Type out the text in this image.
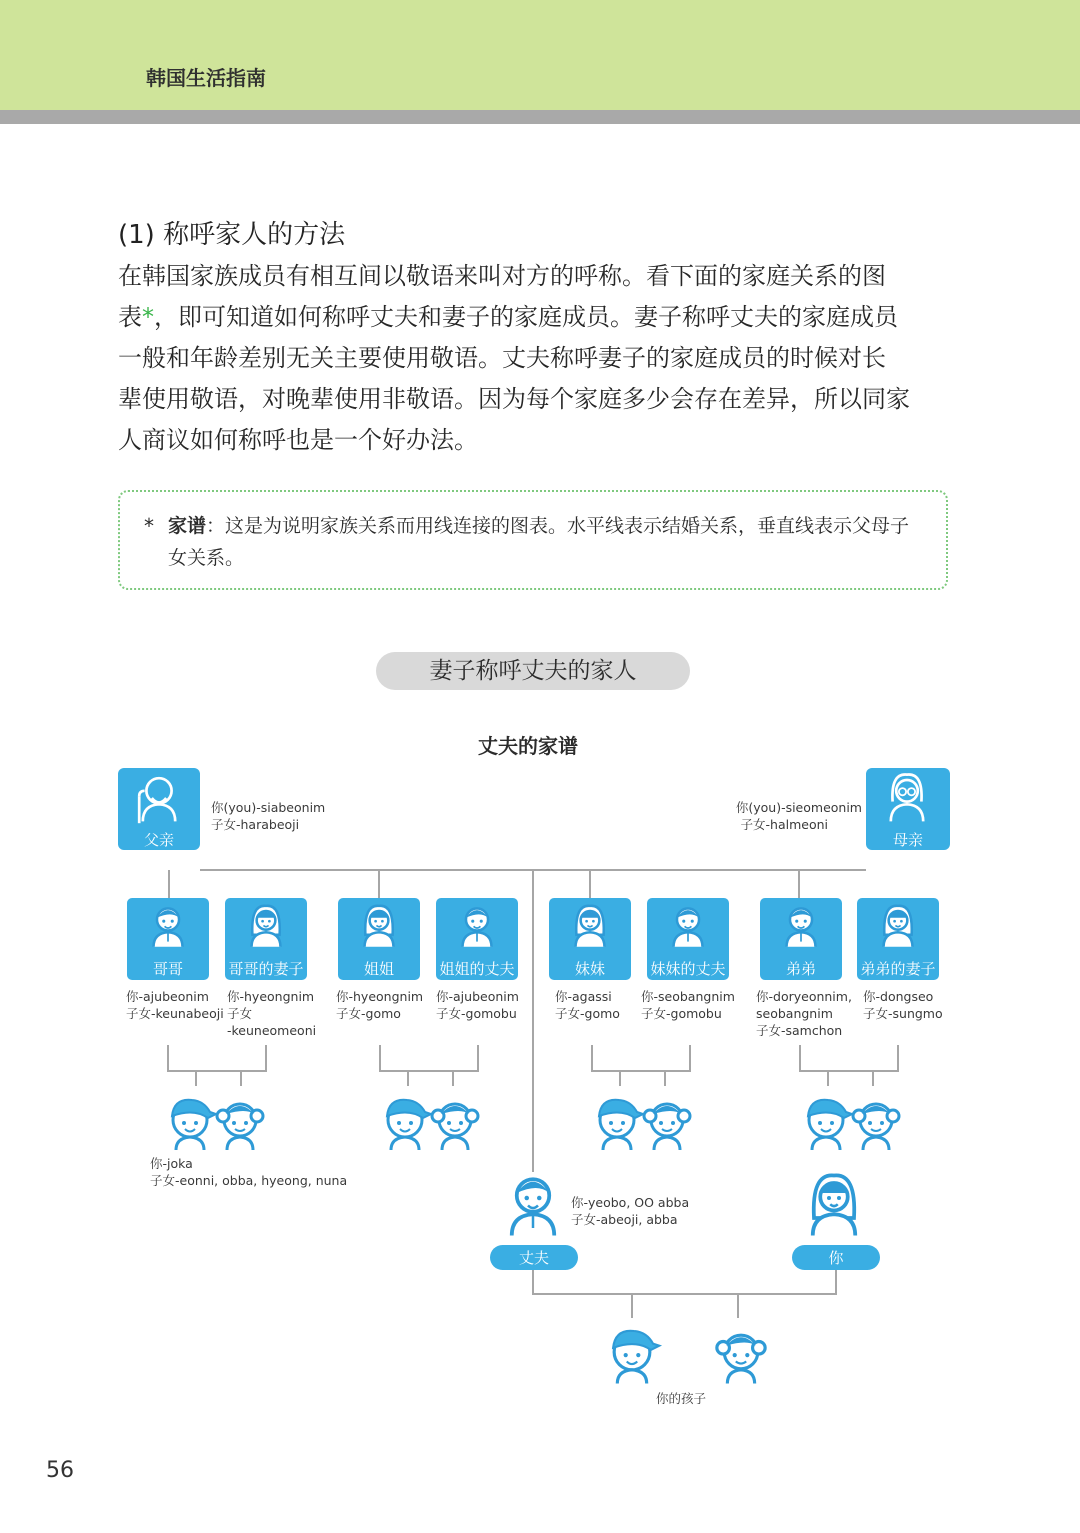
韩国生活指南
(1) 称呼家人的方法
在韩国家族成员有相互间以敬语来叫对方的呼称。看下面的家庭关系的图
表*，即可知道如何称呼丈夫和妻子的家庭成员。妻子称呼丈夫的家庭成员
一般和年龄差别无关主要使用敬语。丈夫称呼妻子的家庭成员的时候对长
辈使用敬语，对晚辈使用非敬语。因为每个家庭多少会存在差异，所以同家
人商议如何称呼也是一个好办法。
* 家谱：这是为说明家族关系而用线连接的图表。水平线表示结婚关系，垂直线表示父母子女关系。
妻子称呼丈夫的家人
丈夫的家谱
父亲
你(you)-siabeonim
子女-harabeoji
母亲
你(you)-sieomeonim
子女-halmeoni
哥哥	哥哥的妻子	姐姐	姐姐的丈夫	妹妹	妹妹的丈夫	弟弟	弟弟的妻子
丈夫	你
你-ajubeonim
子女-keunabeoji
你-hyeongnim
子女
-keuneomeoni
你-hyeongnim
子女-gomo
你-ajubeonim
子女-gomobu
你-agassi
子女-gomo
你-seobangnim
子女-gomobu
你-doryeonnim,
seobangnim
子女-samchon
你-dongseo
子女-sungmo
你-joka
子女-eonni, obba, hyeong, nuna
你-yeobo, OO abba
子女-abeoji, abba
你的孩子
56
